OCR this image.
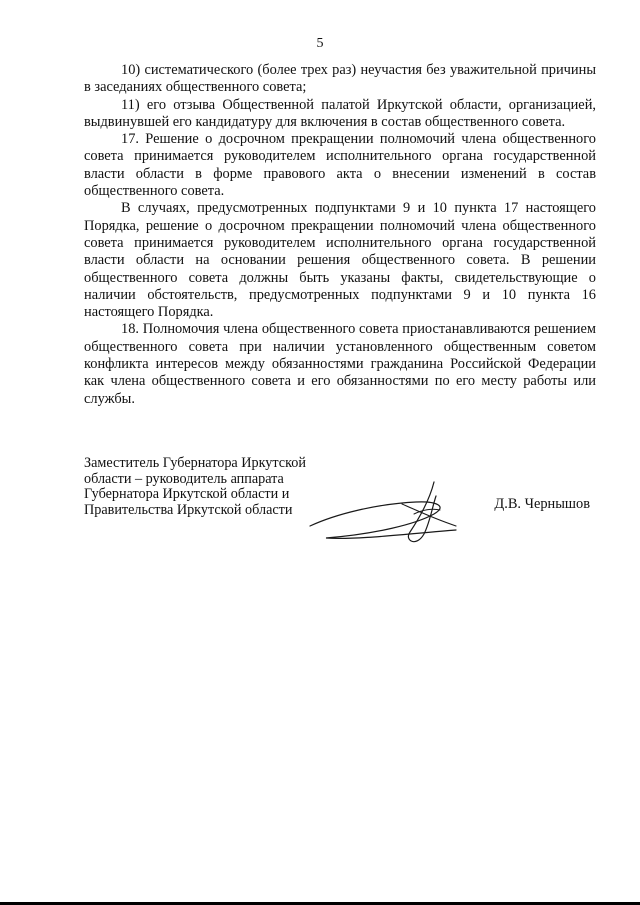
5

10) систематического (более трех раз) неучастия без уважительной причины в заседаниях общественного совета;

11) его отзыва Общественной палатой Иркутской области, организацией, выдвинувшей его кандидатуру для включения в состав общественного совета.

17. Решение о досрочном прекращении полномочий члена общественного совета принимается руководителем исполнительного органа государственной власти области в форме правового акта о внесении изменений в состав общественного совета.

В случаях, предусмотренных подпунктами 9 и 10 пункта 17 настоящего Порядка, решение о досрочном прекращении полномочий члена общественного совета принимается руководителем исполнительного органа государственной власти области на основании решения общественного совета. В решении общественного совета должны быть указаны факты, свидетельствующие о наличии обстоятельств, предусмотренных подпунктами 9 и 10 пункта 16 настоящего Порядка.

18. Полномочия члена общественного совета приостанавливаются решением общественного совета при наличии установленного общественным советом конфликта интересов между обязанностями гражданина Российской Федерации как члена общественного совета и его обязанностями по его месту работы или службы.

Заместитель Губернатора Иркутской
области – руководитель аппарата
Губернатора Иркутской области и
Правительства Иркутской области	Д.В. Чернышов
